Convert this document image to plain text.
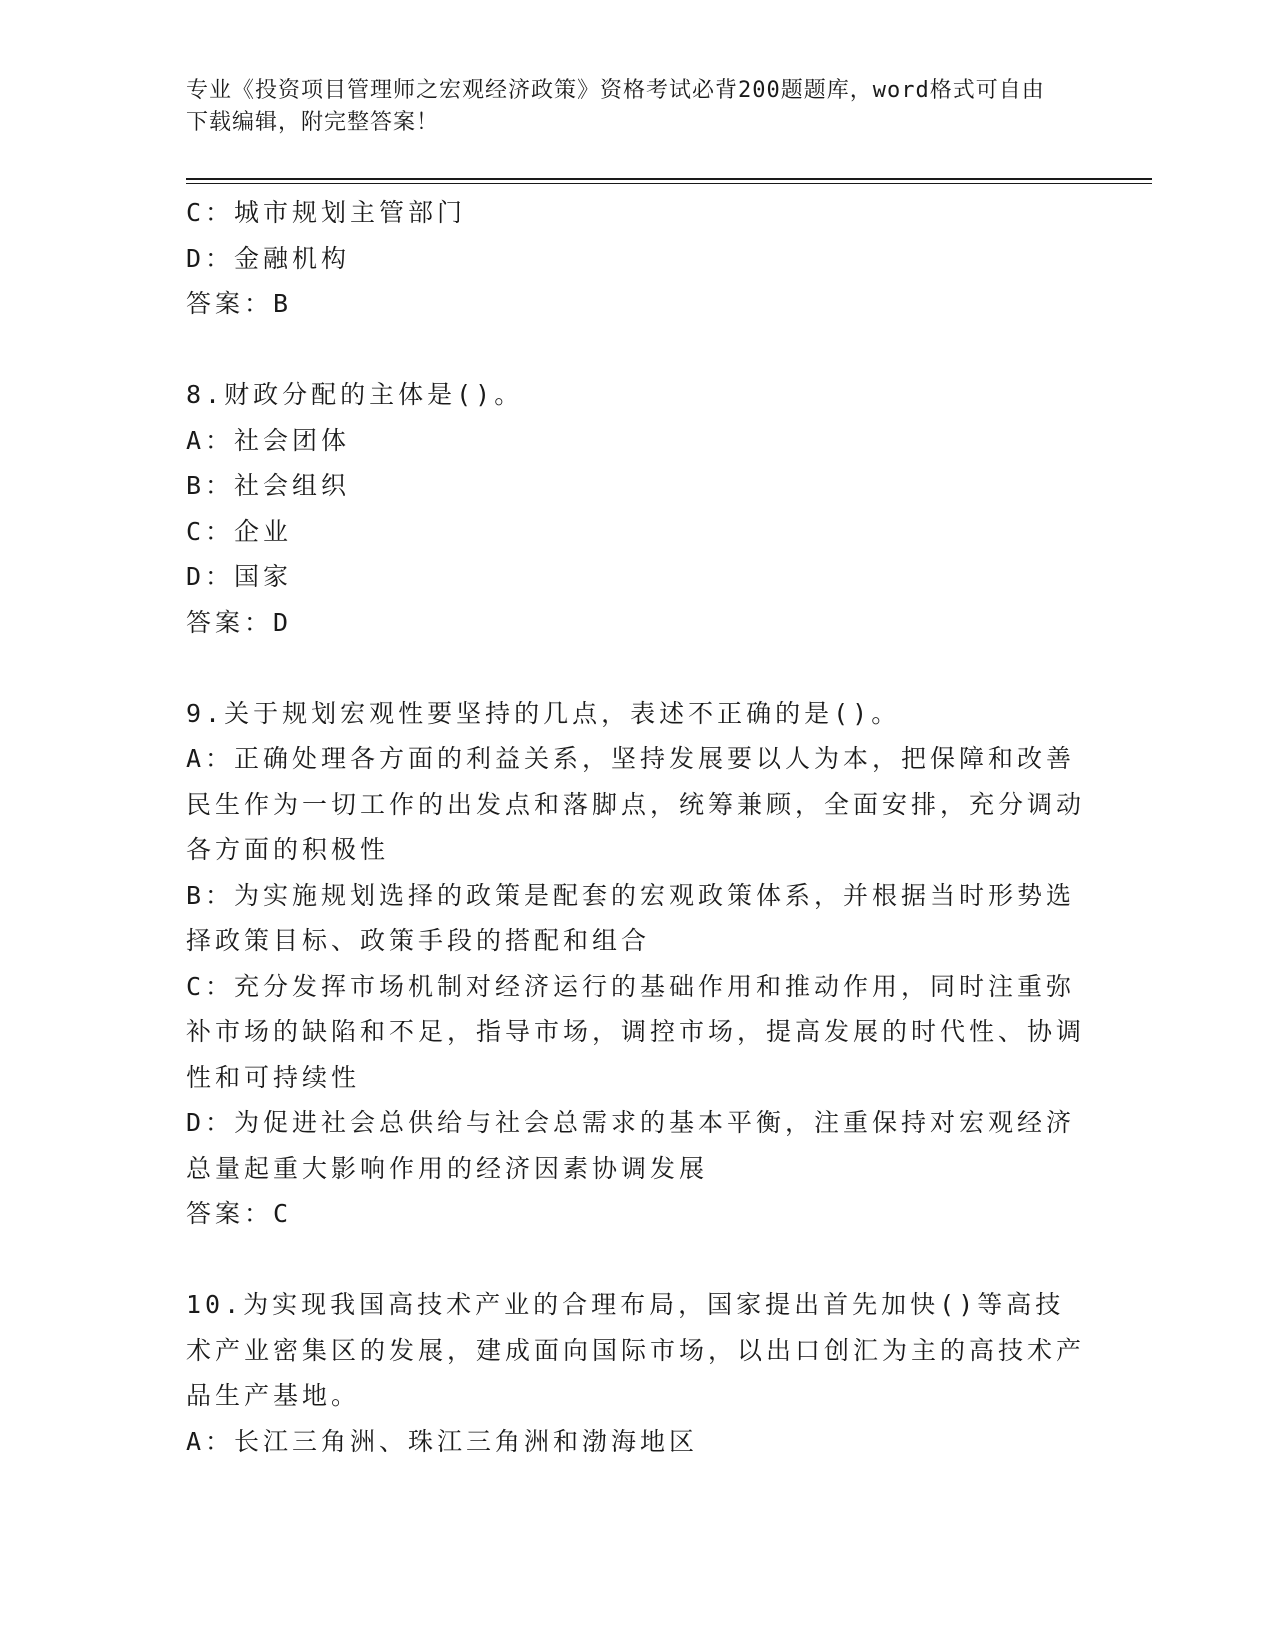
专业《投资项目管理师之宏观经济政策》资格考试必背200题题库，word格式可自由下载编辑，附完整答案！
C：城市规划主管部门
D：金融机构
答案：B
8.财政分配的主体是()。
A：社会团体
B：社会组织
C：企业
D：国家
答案：D
9.关于规划宏观性要坚持的几点，表述不正确的是()。
A：正确处理各方面的利益关系，坚持发展要以人为本，把保障和改善民生作为一切工作的出发点和落脚点，统筹兼顾，全面安排，充分调动各方面的积极性
B：为实施规划选择的政策是配套的宏观政策体系，并根据当时形势选择政策目标、政策手段的搭配和组合
C：充分发挥市场机制对经济运行的基础作用和推动作用，同时注重弥补市场的缺陷和不足，指导市场，调控市场，提高发展的时代性、协调性和可持续性
D：为促进社会总供给与社会总需求的基本平衡，注重保持对宏观经济总量起重大影响作用的经济因素协调发展
答案：C
10.为实现我国高技术产业的合理布局，国家提出首先加快()等高技术产业密集区的发展，建成面向国际市场，以出口创汇为主的高技术产品生产基地。
A：长江三角洲、珠江三角洲和渤海地区
